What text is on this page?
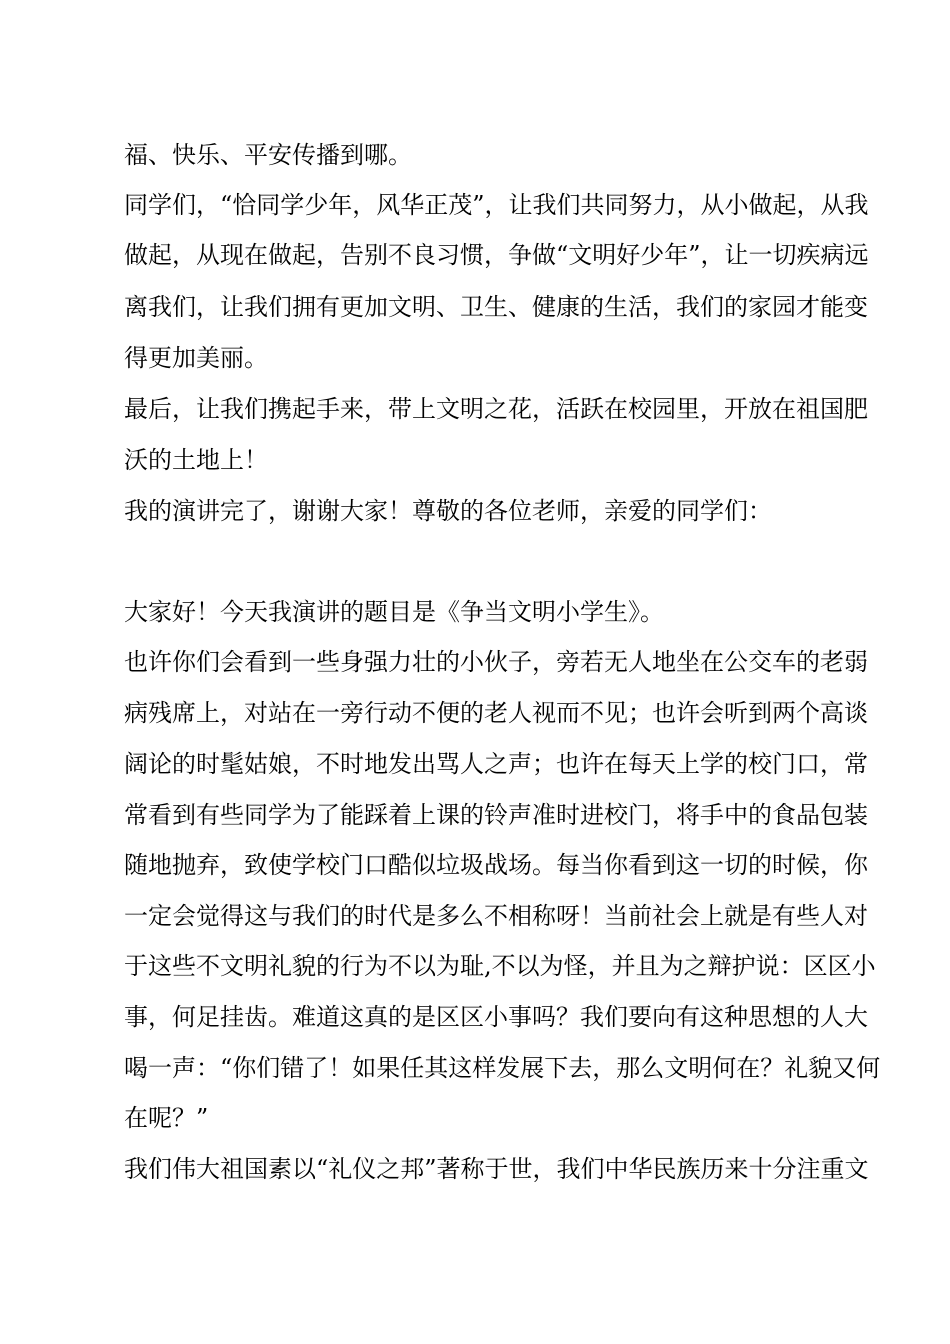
福、快乐、平安传播到哪。
同学们，“恰同学少年，风华正茂”，让我们共同努力，从小做起，从我
做起，从现在做起，告别不良习惯，争做“文明好少年”，让一切疾病远
离我们，让我们拥有更加文明、卫生、健康的生活，我们的家园才能变
得更加美丽。
最后，让我们携起手来，带上文明之花，活跃在校园里，开放在祖国肥
沃的土地上！
我的演讲完了，谢谢大家！尊敬的各位老师，亲爱的同学们：
大家好！今天我演讲的题目是《争当文明小学生》。
也许你们会看到一些身强力壮的小伙子，旁若无人地坐在公交车的老弱
病残席上，对站在一旁行动不便的老人视而不见；也许会听到两个高谈
阔论的时髦姑娘，不时地发出骂人之声；也许在每天上学的校门口，常
常看到有些同学为了能踩着上课的铃声准时进校门，将手中的食品包装
随地抛弃，致使学校门口酷似垃圾战场。每当你看到这一切的时候，你
一定会觉得这与我们的时代是多么不相称呀！当前社会上就是有些人对
于这些不文明礼貌的行为不以为耻,不以为怪，并且为之辩护说：区区小
事，何足挂齿。难道这真的是区区小事吗？我们要向有这种思想的人大
喝一声：“你们错了！如果任其这样发展下去，那么文明何在？礼貌又何
在呢？”
我们伟大祖国素以“礼仪之邦”著称于世，我们中华民族历来十分注重文
